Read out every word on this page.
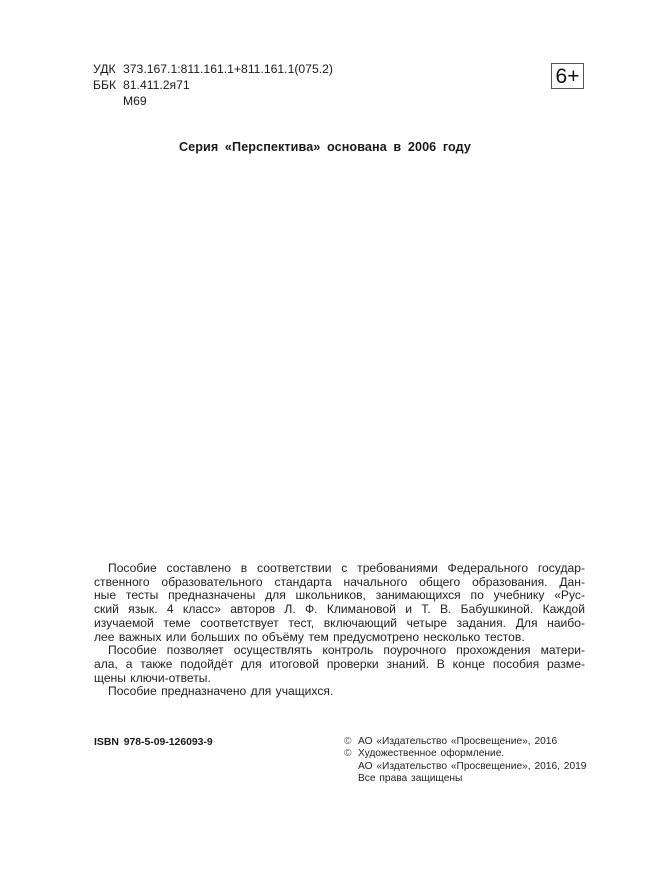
УДК 373.167.1:811.161.1+811.161.1(075.2)
ББК 81.411.2я71
М69
6+
Серия «Перспектива» основана в 2006 году

Пособие составлено в соответствии с требованиями Федерального государ-
ственного образовательного стандарта начального общего образования. Дан-
ные тесты предназначены для школьников, занимающихся по учебнику «Рус-
ский язык. 4 класс» авторов Л. Ф. Климановой и Т. В. Бабушкиной. Каждой
изучаемой теме соответствует тест, включающий четыре задания. Для наибо-
лее важных или больших по объёму тем предусмотрено несколько тестов.

Пособие позволяет осуществлять контроль поурочного прохождения матери-
ала, а также подойдёт для итоговой проверки знаний. В конце пособия разме-
щены ключи-ответы.

Пособие предназначено для учащихся.

ISBN 978-5-09-126093-9	© АО «Издательство «Просвещение», 2016
© Художественное оформление.
АО «Издательство «Просвещение», 2016, 2019
Все права защищены
